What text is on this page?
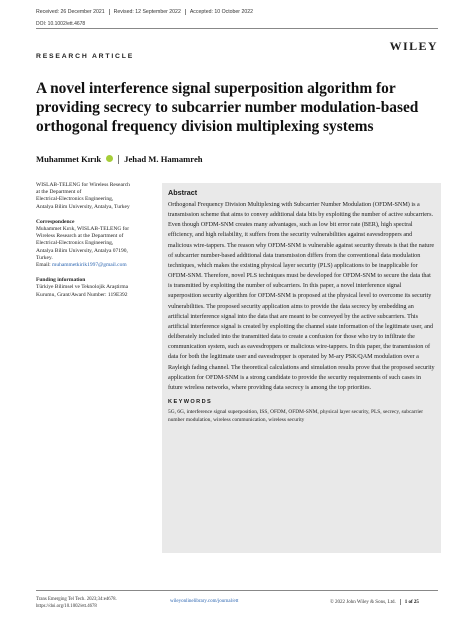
Received: 26 December 2021 Revised: 12 September 2022 Accepted: 10 October 2022
DOI: 10.1002/ett.4678
WILEY
RESEARCH ARTICLE
A novel interference signal superposition algorithm for providing secrecy to subcarrier number modulation-based orthogonal frequency division multiplexing systems
Muhammet Kırık	Jehad M. Hamamreh
WISLAB-TELENG for Wireless Research
at the Department of
Electrical-Electronics Engineering,
Antalya Bilim University, Antalya, Turkey
Correspondence
Muhammet Kırık, WISLAB-TELENG for
Wireless Research at the Department of
Electrical-Electronics Engineering,
Antalya Bilim University, Antalya 07190,
Turkey.
Email: muhammetkirik1997@gmail.com
Funding information
Türkiye Bilimsel ve Teknolojik Araştirma
Kurumu, Grant/Award Number: 119E392
Abstract
Orthogonal Frequency Division Multiplexing with Subcarrier Number Modulation (OFDM-SNM) is a transmission scheme that aims to convey additional data bits by exploiting the number of active subcarriers. Even though OFDM-SNM creates many advantages, such as low bit error rate (BER), high spectral efficiency, and high reliability, it suffers from the security vulnerabilities against eavesdroppers and malicious wire-tappers. The reason why OFDM-SNM is vulnerable against security threats is that the nature of subcarrier number-based additional data transmission differs from the conventional data modulation techniques, which makes the existing physical layer security (PLS) applications to be inapplicable for OFDM-SNM. Therefore, novel PLS techniques must be developed for OFDM-SNM to secure the data that is transmitted by exploiting the number of subcarriers. In this paper, a novel interference signal superposition security algorithm for OFDM-SNM is proposed at the physical level to overcome its security vulnerabilities. The proposed security application aims to provide the data secrecy by embedding an artificial interference signal into the data that are meant to be conveyed by the active subcarriers. This artificial interference signal is created by exploiting the channel state information of the legitimate user, and deliberately included into the transmitted data to create a confusion for those who try to infiltrate the communication system, such as eavesdroppers or malicious wire-tappers. In this paper, the transmission of data for both the legitimate user and eavesdropper is operated by M-ary PSK/QAM modulation over a Rayleigh fading channel. The theoretical calculations and simulation results prove that the proposed security application for OFDM-SNM is a strong candidate to provide the security requirements of such cases in future wireless networks, where providing data secrecy is among the top priorities.
KEYWORDS
5G, 6G, interference signal superposition, ISS, OFDM, OFDM-SNM, physical layer security, PLS, secrecy, subcarrier number modulation, wireless communication, wireless security
Trans Emerging Tel Tech. 2023;34:e4678.
https://doi.org/10.1002/ett.4678
wileyonlinelibrary.com/journal/ett	© 2022 John Wiley & Sons, Ltd. 1 of 25
